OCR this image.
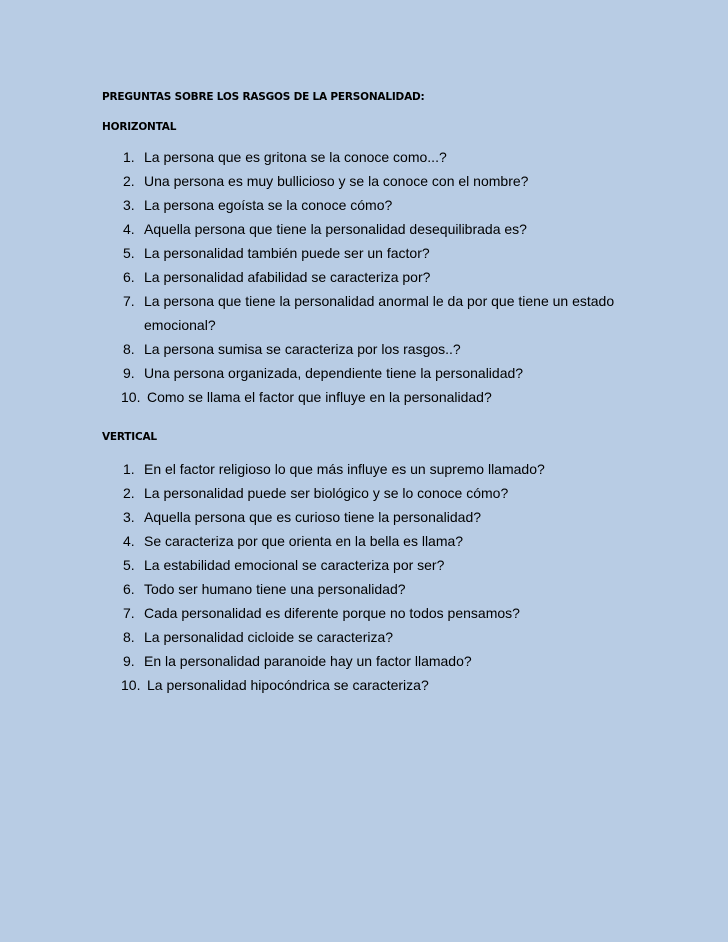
PREGUNTAS SOBRE LOS RASGOS DE LA PERSONALIDAD:
HORIZONTAL
1. La persona que es gritona se la conoce como...?
2. Una persona es muy bullicioso y se la conoce con el nombre?
3. La persona egoísta se la conoce cómo?
4. Aquella persona que tiene la personalidad desequilibrada es?
5. La personalidad también puede ser un factor?
6. La personalidad afabilidad se caracteriza por?
7. La persona que tiene la personalidad anormal le da por que tiene un estado emocional?
8. La persona sumisa se caracteriza por los rasgos..?
9. Una persona organizada, dependiente tiene la personalidad?
10. Como se llama el factor que influye en la personalidad?
VERTICAL
1. En el factor religioso lo que más influye es un supremo llamado?
2. La personalidad puede ser biológico y se lo conoce cómo?
3. Aquella persona que es curioso tiene la personalidad?
4. Se caracteriza por que orienta en la bella es llama?
5. La estabilidad emocional se caracteriza por ser?
6. Todo ser humano tiene una personalidad?
7. Cada personalidad es diferente porque no todos pensamos?
8. La personalidad cicloide se caracteriza?
9. En la personalidad paranoide hay un factor llamado?
10. La personalidad hipocóndrica se caracteriza?
